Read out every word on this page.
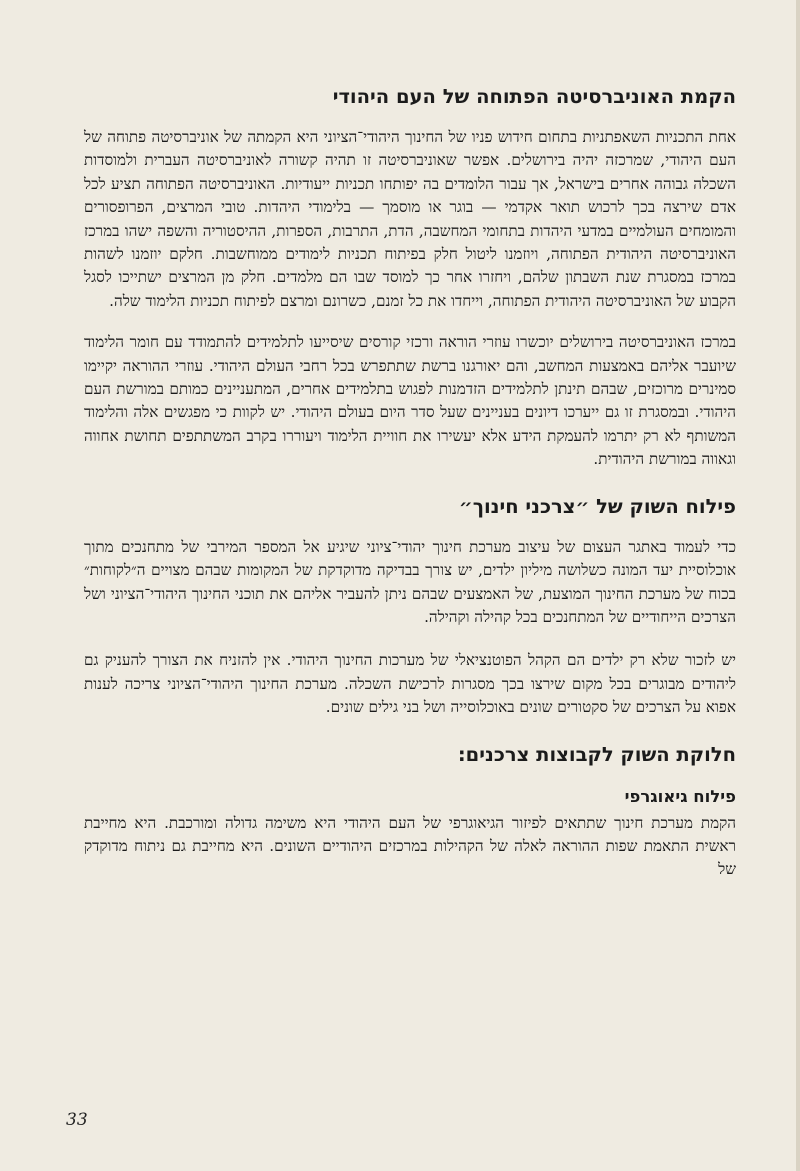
הקמת האוניברסיטה הפתוחה של העם היהודי

אחת התכניות השאפתניות בתחום חידוש פניו של החינוך היהודי־הציוני היא הקמתה של אוניברסיטה פתוחה של העם היהודי, שמרכזה יהיה בירושלים. אפשר שאוניברסיטה זו תהיה קשורה לאוניברסיטה העברית ולמוסדות השכלה גבוהה אחרים בישראל, אך עבור הלומדים בה יפותחו תכניות ייעודיות. האוניברסיטה הפתוחה תציע לכל אדם שירצה בכך לרכוש תואר אקדמי — בוגר או מוסמך — בלימודי היהדות. טובי המרצים, הפרופסורים והמומחים העולמיים במדעי היהדות בתחומי המחשבה, הדת, התרבות, הספרות, ההיסטוריה והשפה ישהו במרכז האוניברסיטה היהודית הפתוחה, ויוזמנו ליטול חלק בפיתוח תכניות לימודים ממוחשבות. חלקם יוזמנו לשהות במרכז במסגרת שנת השבתון שלהם, ויחזרו אחר כך למוסד שבו הם מלמדים. חלק מן המרצים ישתייכו לסגל הקבוע של האוניברסיטה היהודית הפתוחה, וייחדו את כל זמנם, כשרונם ומרצם לפיתוח תכניות הלימוד שלה.

במרכז האוניברסיטה בירושלים יוכשרו עוזרי הוראה ורכזי קורסים שיסייעו לתלמידים להתמודד עם חומר הלימוד שיועבר אליהם באמצעות המחשב, והם יאורגנו ברשת שתתפרש בכל רחבי העולם היהודי. עוזרי ההוראה יקיימו סמינרים מרוכזים, שבהם תינתן לתלמידים הזדמנות לפגוש בתלמידים אחרים, המתעניינים כמותם במורשת העם היהודי. ובמסגרת זו גם ייערכו דיונים בעניינים שעל סדר היום בעולם היהודי. יש לקוות כי מפגשים אלה והלימוד המשותף לא רק יתרמו להעמקת הידע אלא יעשירו את חוויית הלימוד ויעוררו בקרב המשתתפים תחושת אחווה וגאווה במורשת היהודית.

פילוח השוק של ״צרכני חינוך״

כדי לעמוד באתגר העצום של עיצוב מערכת חינוך יהודי־ציוני שיגיע אל המספר המירבי של מתחנכים מתוך אוכלוסיית יעד המונה כשלושה מיליון ילדים, יש צורך בבדיקה מדוקדקת של המקומות שבהם מצויים ה״לקוחות״ בכוח של מערכת החינוך המוצעת, של האמצעים שבהם ניתן להעביר אליהם את תוכני החינוך היהודי־הציוני ושל הצרכים הייחודיים של המתחנכים בכל קהילה וקהילה.

יש לזכור שלא רק ילדים הם הקהל הפוטנציאלי של מערכות החינוך היהודי. אין להזניח את הצורך להעניק גם ליהודים מבוגרים בכל מקום שירצו בכך מסגרות לרכישת השכלה. מערכת החינוך היהודי־הציוני צריכה לענות אפוא על הצרכים של סקטורים שונים באוכלוסייה ושל בני גילים שונים.

חלוקת השוק לקבוצות צרכנים:
פילוח גיאוגרפי

הקמת מערכת חינוך שתתאים לפיזור הגיאוגרפי של העם היהודי היא משימה גדולה ומורכבת. היא מחייבת ראשית התאמת שפות ההוראה לאלה של הקהילות במרכזים היהודיים השונים. היא מחייבת גם ניתוח מדוקדק של

33
